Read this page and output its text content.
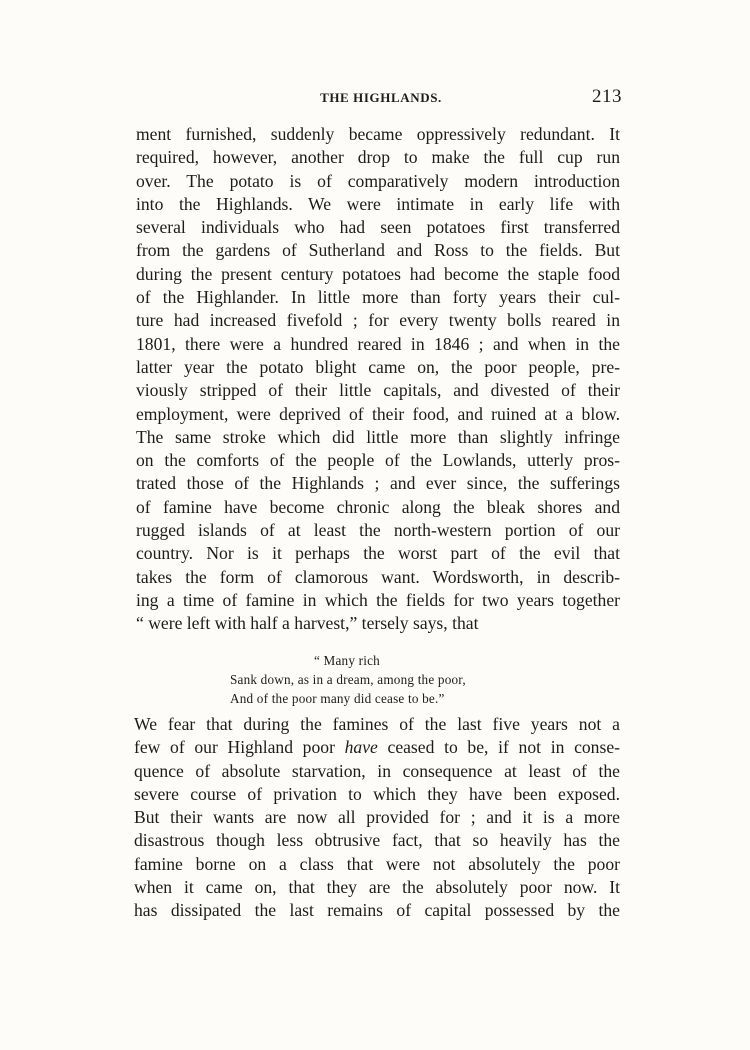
THE HIGHLANDS.	213
ment furnished, suddenly became oppressively redundant. It
required, however, another drop to make the full cup run
over. The potato is of comparatively modern introduction
into the Highlands. We were intimate in early life with
several individuals who had seen potatoes first transferred
from the gardens of Sutherland and Ross to the fields. But
during the present century potatoes had become the staple food
of the Highlander. In little more than forty years their cul-
ture had increased fivefold ; for every twenty bolls reared in
1801, there were a hundred reared in 1846 ; and when in the
latter year the potato blight came on, the poor people, pre-
viously stripped of their little capitals, and divested of their
employment, were deprived of their food, and ruined at a blow.
The same stroke which did little more than slightly infringe
on the comforts of the people of the Lowlands, utterly pros-
trated those of the Highlands ; and ever since, the sufferings
of famine have become chronic along the bleak shores and
rugged islands of at least the north-western portion of our
country. Nor is it perhaps the worst part of the evil that
takes the form of clamorous want. Wordsworth, in describ-
ing a time of famine in which the fields for two years together
“ were left with half a harvest,” tersely says, that
“ Many rich
Sank down, as in a dream, among the poor,
And of the poor many did cease to be.”
We fear that during the famines of the last five years not a
few of our Highland poor have ceased to be, if not in conse-
quence of absolute starvation, in consequence at least of the
severe course of privation to which they have been exposed.
But their wants are now all provided for ; and it is a more
disastrous though less obtrusive fact, that so heavily has the
famine borne on a class that were not absolutely the poor
when it came on, that they are the absolutely poor now. It
has dissipated the last remains of capital possessed by the
